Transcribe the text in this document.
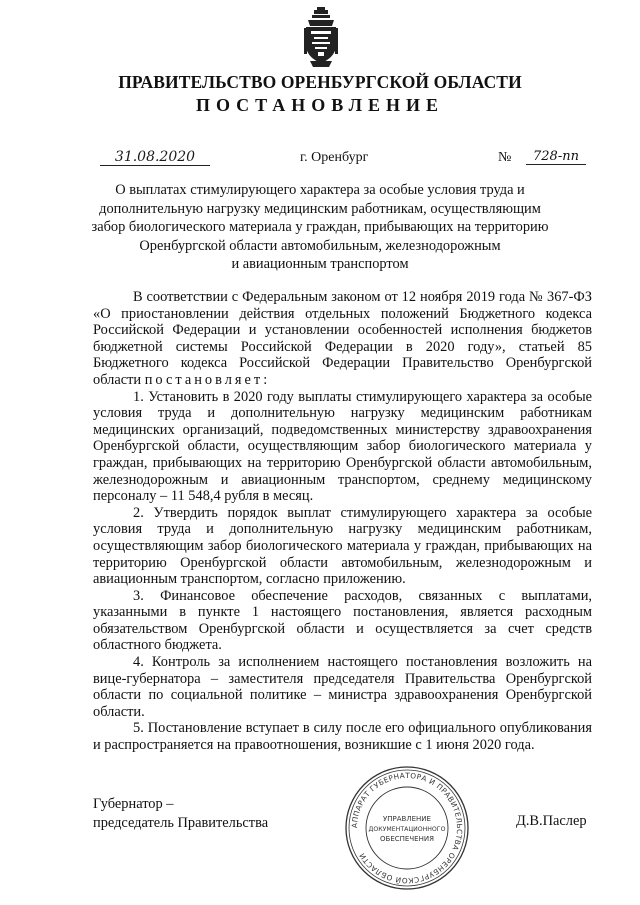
ПРАВИТЕЛЬСТВО ОРЕНБУРГСКОЙ ОБЛАСТИ
ПОСТАНОВЛЕНИЕ
31.08.2020	г. Оренбург	№	728-пп
О выплатах стимулирующего характера за особые условия труда и
дополнительную нагрузку медицинским работникам, осуществляющим
забор биологического материала у граждан, прибывающих на территорию
Оренбургской области автомобильным, железнодорожным
и авиационным транспортом

В соответствии с Федеральным законом от 12 ноября 2019 года № 367-ФЗ «О приостановлении действия отдельных положений Бюджетного кодекса Российской Федерации и установлении особенностей исполнения бюджетов бюджетной системы Российской Федерации в 2020 году», статьей 85 Бюджетного кодекса Российской Федерации Правительство Оренбургской области постановляет:

1. Установить в 2020 году выплаты стимулирующего характера за особые условия труда и дополнительную нагрузку медицинским работникам медицинских организаций, подведомственных министерству здравоохранения Оренбургской области, осуществляющим забор биологического материала у граждан, прибывающих на территорию Оренбургской области автомобильным, железнодорожным и авиационным транспортом, среднему медицинскому персоналу – 11 548,4 рубля в месяц.

2. Утвердить порядок выплат стимулирующего характера за особые условия труда и дополнительную нагрузку медицинским работникам, осуществляющим забор биологического материала у граждан, прибывающих на территорию Оренбургской области автомобильным, железнодорожным и авиационным транспортом, согласно приложению.

3. Финансовое обеспечение расходов, связанных с выплатами, указанными в пункте 1 настоящего постановления, является расходным обязательством Оренбургской области и осуществляется за счет средств областного бюджета.

4. Контроль за исполнением настоящего постановления возложить на вице-губернатора – заместителя председателя Правительства Оренбургской области по социальной политике – министра здравоохранения Оренбургской области.

5. Постановление вступает в силу после его официального опубликования и распространяется на правоотношения, возникшие с 1 июня 2020 года.

Губернатор –
председатель Правительства	Д.В.Паслер
АППАРАТ ГУБЕРНАТОРА И ПРАВИТЕЛЬСТВА ОРЕНБУРГСКОЙ ОБЛАСТИ
УПРАВЛЕНИЕ
ДОКУМЕНТАЦИОННОГО
ОБЕСПЕЧЕНИЯ
